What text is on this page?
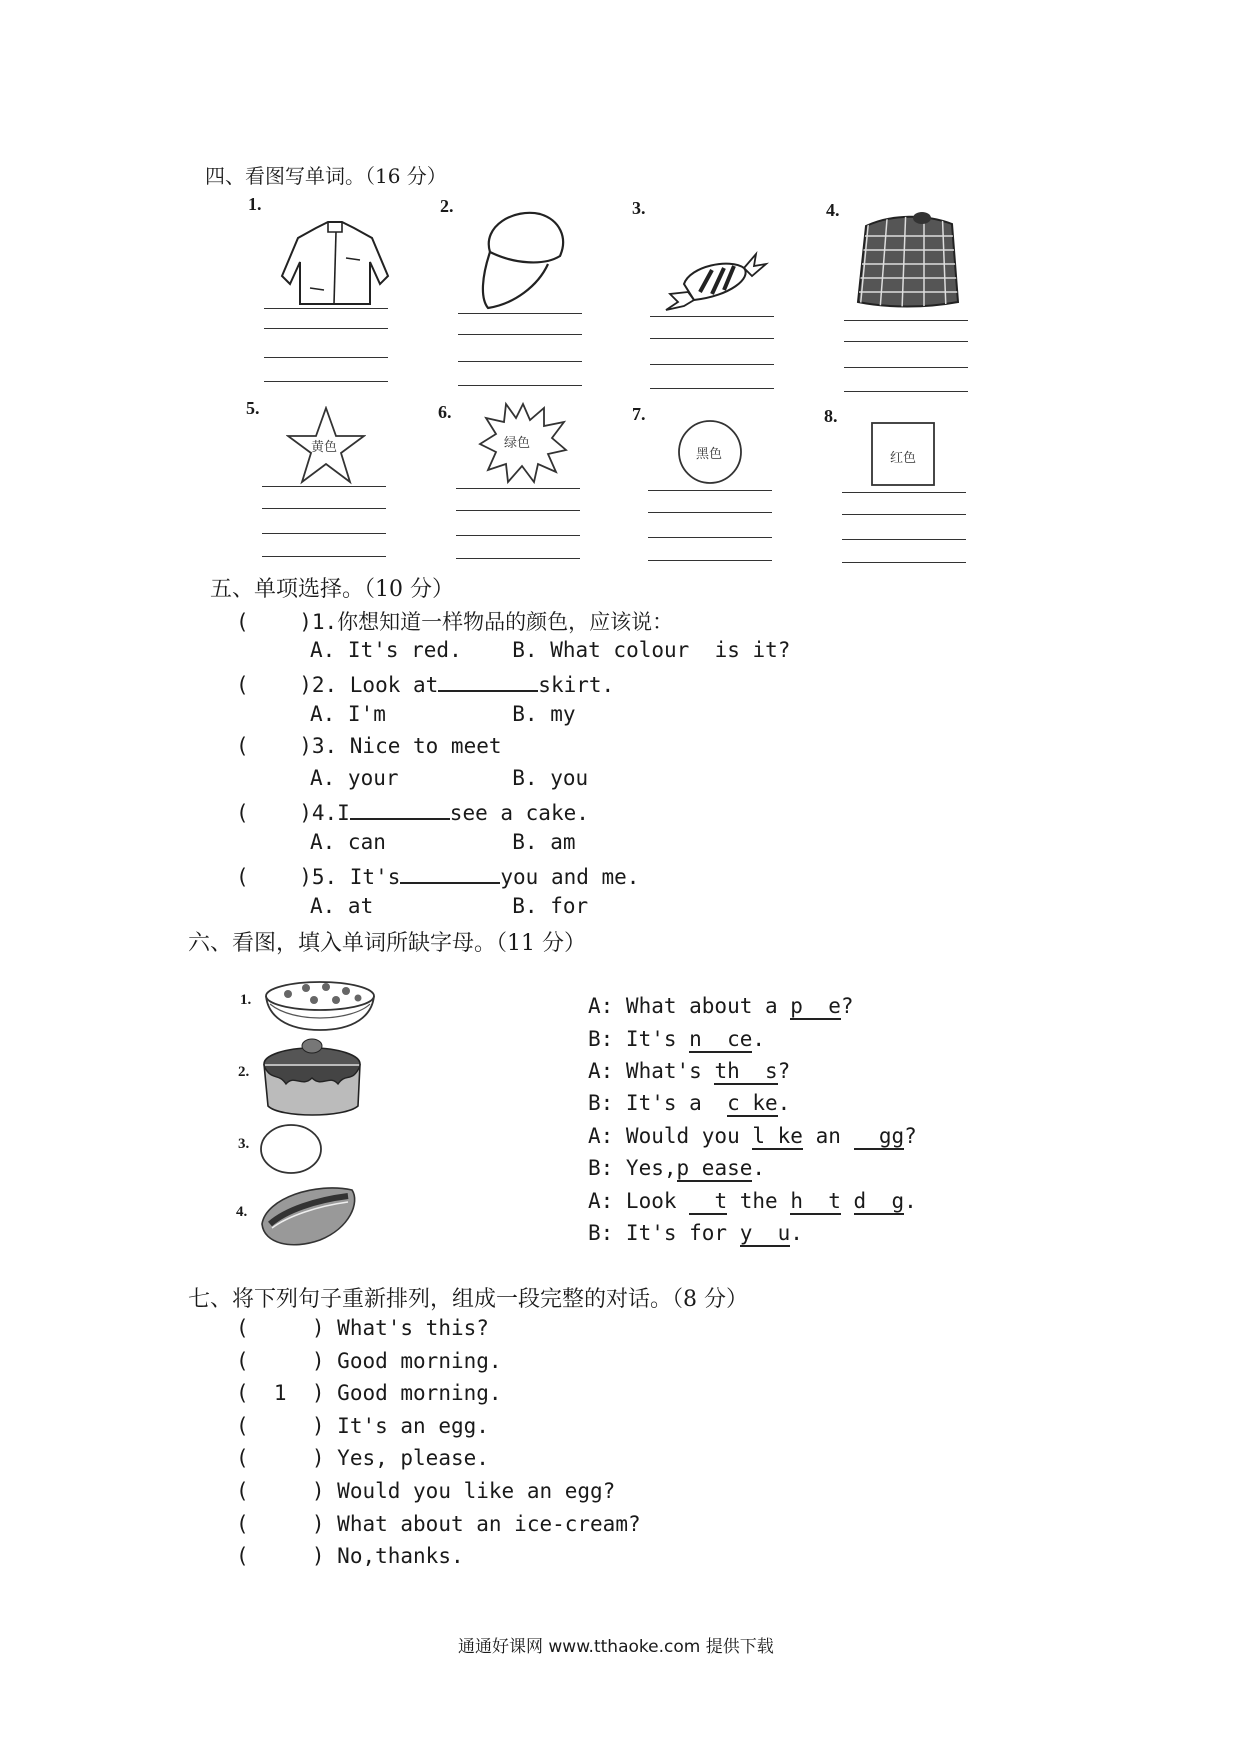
四、看图写单词。（16 分）
1.	2.	3.	4.
5.	6.	7.	8.
黄色	绿色
黑色	红色
五、单项选择。（10 分）
(    )1.你想知道一样物品的颜色，应该说：
A. It's red.    B. What colour  is it?
(    )2. Look at	skirt.
A. I'm          B. my
(    )3. Nice to meet
A. your         B. you
(    )4.I	see a cake.
A. can          B. am
(    )5. It's	you and me.
A. at           B. for
六、看图，填入单词所缺字母。（11 分）
1.
2.
3.
4.
A: What about a p  e?
B: It's n  ce.
A: What's th  s?
B: It's a  c ke.
A: Would you l ke an   gg?
B: Yes,p ease.
A: Look   t the h  t d  g.
B: It's for y  u.
七、将下列句子重新排列，组成一段完整的对话。（8 分）
(     ) What's this?
(     ) Good morning.
(  1  ) Good morning.
(     ) It's an egg.
(     ) Yes, please.
(     ) Would you like an egg?
(     ) What about an ice-cream?
(     ) No,thanks.
通通好课网 www.tthaoke.com 提供下载
